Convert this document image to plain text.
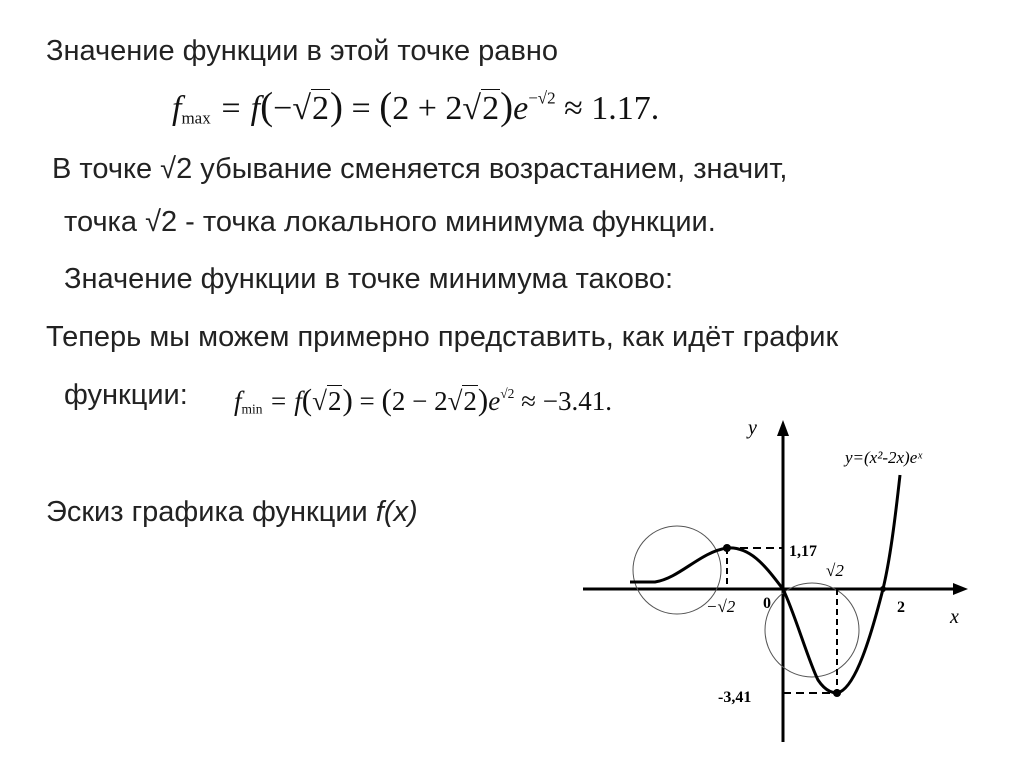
Значение функции в этой точке равно
$f_{max} = f(-√2) = (2 + 2√2)e^{-√2} \approx 1.17$.
В точке √2 убывание сменяется возрастанием, значит,
точка √2 - точка локального минимума функции.
Значение функции в точке минимума таково:
Теперь мы можем примерно представить, как идёт график
функции: $f_{min} = f(√2) = (2 - 2√2)e^{√2} \approx -3.41$.
Эскиз графика функции f(x)
y
x
y=(x²-2x)eˣ
1,17
-3,41
−√2
√2
0	2
